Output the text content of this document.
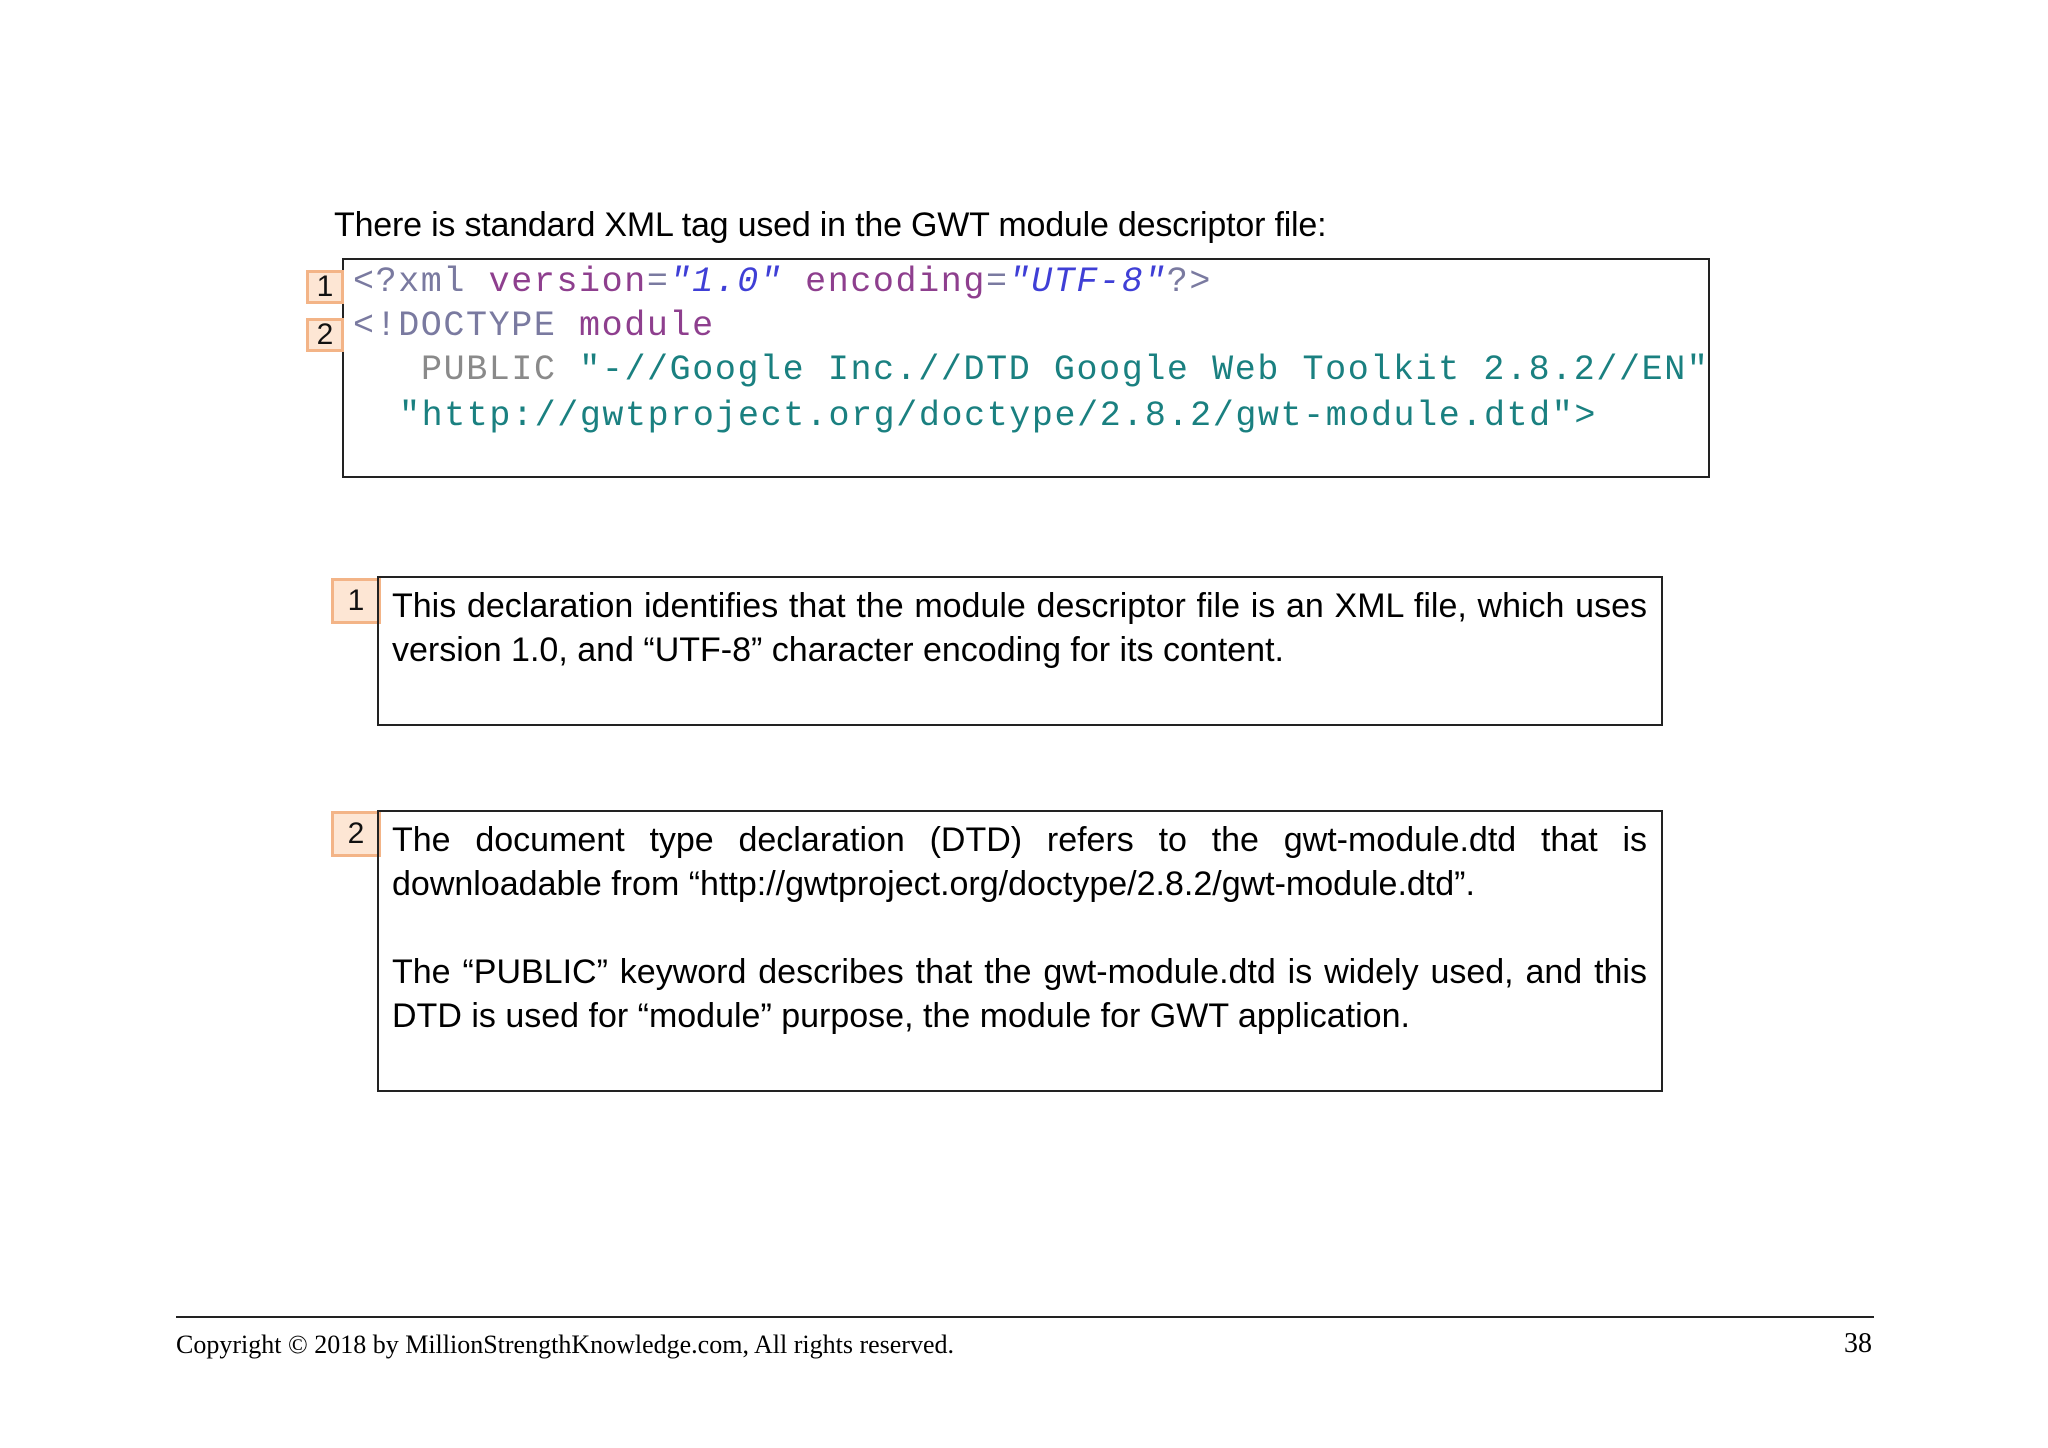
There is standard XML tag used in the GWT module descriptor file:
<?xml version="1.0" encoding="UTF-8"?>
<!DOCTYPE module
PUBLIC "-//Google Inc.//DTD Google Web Toolkit 2.8.2//EN"
"http://gwtproject.org/doctype/2.8.2/gwt-module.dtd">
1
2
1 This declaration identifies that the module descriptor file is an XML file, which uses version 1.0, and “UTF-8” character encoding for its content.

2 The document type declaration (DTD) refers to the gwt-module.dtd that is downloadable from “http://gwtproject.org/doctype/2.8.2/gwt-module.dtd”.

The “PUBLIC” keyword describes that the gwt-module.dtd is widely used, and this DTD is used for “module” purpose, the module for GWT application.

Copyright © 2018 by MillionStrengthKnowledge.com, All rights reserved.	38
